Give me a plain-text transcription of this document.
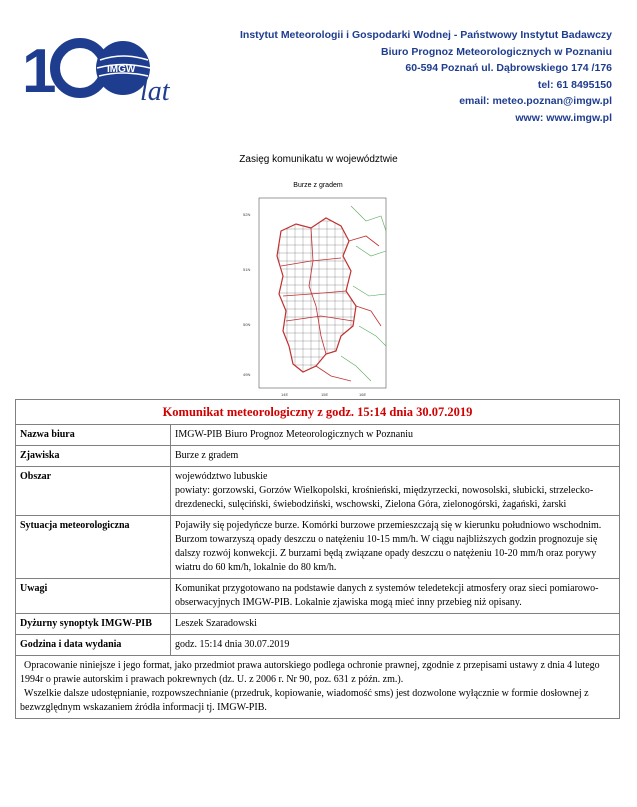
1	IMGW
lat
Instytut Meteorologii i Gospodarki Wodnej - Państwowy Instytut Badawczy
Biuro Prognoz Meteorologicznych w Poznaniu
60-594 Poznań ul. Dąbrowskiego 174 /176
tel: 61 8495150
email: meteo.poznan@imgw.pl
www: www.imgw.pl
Zasięg komunikatu w województwie
Burze z gradem
52N
51N
50N
49N
14E	15E	16E
Komunikat meteorologiczny z godz. 15:14 dnia 30.07.2019	
Nazwa biura	IMGW-PIB Biuro Prognoz Meteorologicznych w Poznaniu
Zjawiska	Burze z gradem
Obszar	województwo lubuskie
powiaty: gorzowski, Gorzów Wielkopolski, krośnieński, międzyrzecki, nowosolski, słubicki, strzelecko-drezdenecki, sulęciński, świebodziński, wschowski, Zielona Góra, zielonogórski, żagański, żarski

Sytuacja meteorologiczna	Pojawiły się pojedyńcze burze. Komórki burzowe przemieszczają się w kierunku południowo wschodnim. Burzom towarzyszą opady deszczu o natężeniu 10-15 mm/h. W ciągu najbliższych godzin prognozuje się dalszy rozwój konwekcji. Z burzami będą związane opady deszczu o natężeniu 10-20 mm/h oraz porywy wiatru do 60 km/h, lokalnie do 80 km/h.
Uwagi	Komunikat przygotowano na podstawie danych z systemów teledetekcji atmosfery oraz sieci pomiarowo-obserwacyjnych IMGW-PIB. Lokalnie zjawiska mogą mieć inny przebieg niż opisany.
Dyżurny synoptyk IMGW-PIB	Leszek Szaradowski
Godzina i data wydania	godz. 15:14 dnia 30.07.2019

Opracowanie niniejsze i jego format, jako przedmiot prawa autorskiego podlega ochronie prawnej, zgodnie z przepisami ustawy z dnia 4 lutego 1994r o prawie autorskim i prawach pokrewnych (dz. U. z 2006 r. Nr 90, poz. 631 z późn. zm.).

Wszelkie dalsze udostępnianie, rozpowszechnianie (przedruk, kopiowanie, wiadomość sms) jest dozwolone wyłącznie w formie dosłownej z bezwzględnym wskazaniem źródła informacji tj. IMGW-PIB.	
